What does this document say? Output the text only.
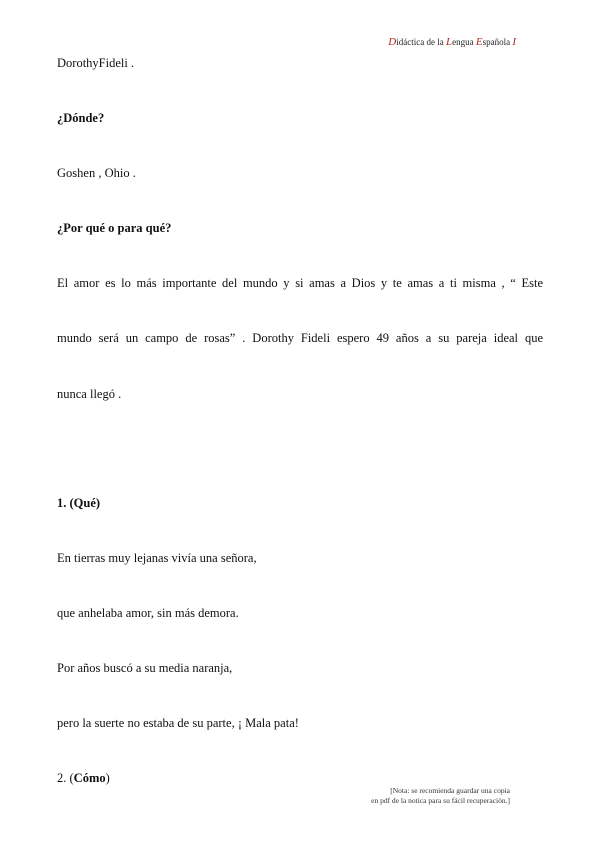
Didáctica de la Lengua Española I
DorothyFideli .
¿Dónde?
Goshen , Ohio .
¿Por qué o para qué?
El amor es lo más importante del mundo y si amas a Dios y te amas a ti misma , “ Este
mundo será un campo de rosas” . Dorothy Fideli espero 49 años a su pareja ideal que
nunca llegó .
1. (Qué)
En tierras muy lejanas vivía una señora,
que anhelaba amor, sin más demora.
Por años buscó a su media naranja,
pero la suerte no estaba de su parte, ¡ Mala pata!
2. (Cómo)
[Nota: se recomienda guardar una copia
en pdf de la notica para su fácil recuperación.]
